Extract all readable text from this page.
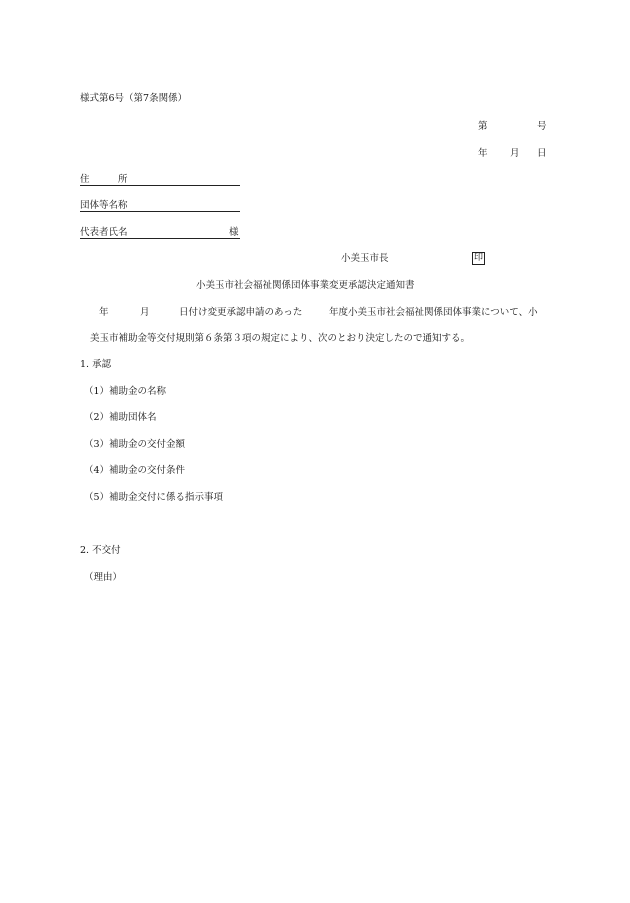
様式第6号（第7条関係）
第	号
年 月 日
住	所
団体等名称
代表者氏名	様
小美玉市長	印
小美玉市社会福祉関係団体事業変更承認決定通知書
年	月	日付け変更承認申請のあった	年度小美玉市社会福祉関係団体事業について、小
美玉市補助金等交付規則第６条第３項の規定により、次のとおり決定したので通知する。
1. 承認
（1）補助金の名称
（2）補助団体名
（3）補助金の交付金額
（4）補助金の交付条件
（5）補助金交付に係る指示事項
2. 不交付
（理由）
